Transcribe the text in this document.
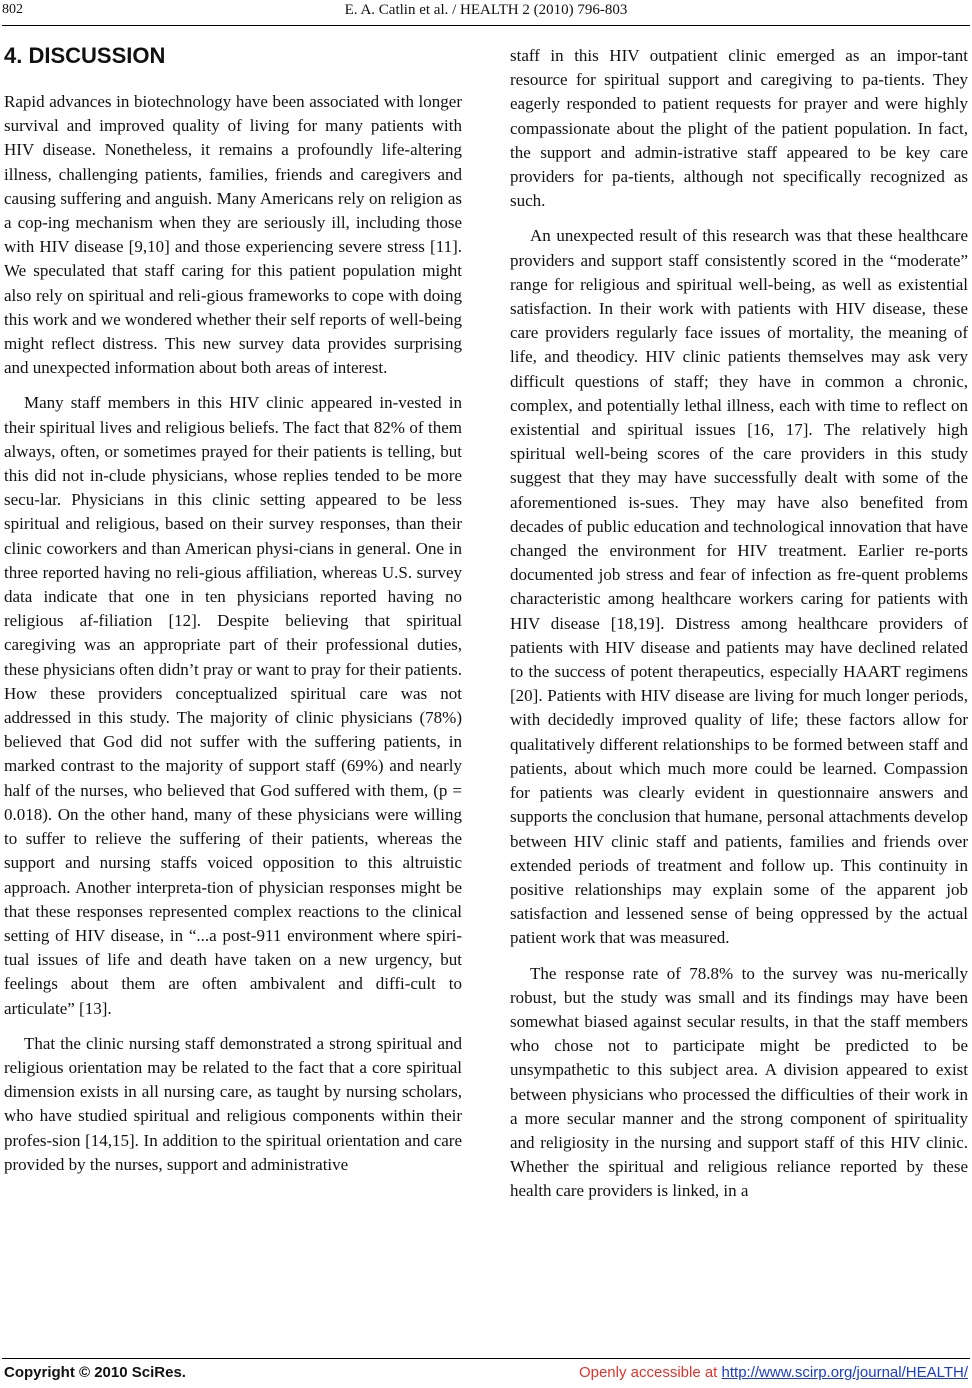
802	E. A. Catlin et al. / HEALTH 2 (2010) 796-803
4. DISCUSSION

Rapid advances in biotechnology have been associated with longer survival and improved quality of living for many patients with HIV disease. Nonetheless, it remains a profoundly life-altering illness, challenging patients, families, friends and caregivers and causing suffering and anguish. Many Americans rely on religion as a cop-ing mechanism when they are seriously ill, including those with HIV disease [9,10] and those experiencing severe stress [11]. We speculated that staff caring for this patient population might also rely on spiritual and reli-gious frameworks to cope with doing this work and we wondered whether their self reports of well-being might reflect distress. This new survey data provides surprising and unexpected information about both areas of interest.

Many staff members in this HIV clinic appeared in-vested in their spiritual lives and religious beliefs. The fact that 82% of them always, often, or sometimes prayed for their patients is telling, but this did not in-clude physicians, whose replies tended to be more secu-lar. Physicians in this clinic setting appeared to be less spiritual and religious, based on their survey responses, than their clinic coworkers and than American physi-cians in general. One in three reported having no reli-gious affiliation, whereas U.S. survey data indicate that one in ten physicians reported having no religious af-filiation [12]. Despite believing that spiritual caregiving was an appropriate part of their professional duties, these physicians often didn’t pray or want to pray for their patients. How these providers conceptualized spiritual care was not addressed in this study. The majority of clinic physicians (78%) believed that God did not suffer with the suffering patients, in marked contrast to the majority of support staff (69%) and nearly half of the nurses, who believed that God suffered with them, (p = 0.018). On the other hand, many of these physicians were willing to suffer to relieve the suffering of their patients, whereas the support and nursing staffs voiced opposition to this altruistic approach. Another interpreta-tion of physician responses might be that these responses represented complex reactions to the clinical setting of HIV disease, in “...a post-911 environment where spiri-tual issues of life and death have taken on a new urgency, but feelings about them are often ambivalent and diffi-cult to articulate” [13].

That the clinic nursing staff demonstrated a strong spiritual and religious orientation may be related to the fact that a core spiritual dimension exists in all nursing care, as taught by nursing scholars, who have studied spiritual and religious components within their profes-sion [14,15]. In addition to the spiritual orientation and care provided by the nurses, support and administrative

staff in this HIV outpatient clinic emerged as an impor-tant resource for spiritual support and caregiving to pa-tients. They eagerly responded to patient requests for prayer and were highly compassionate about the plight of the patient population. In fact, the support and admin-istrative staff appeared to be key care providers for pa-tients, although not specifically recognized as such.

An unexpected result of this research was that these healthcare providers and support staff consistently scored in the “moderate” range for religious and spiritual well-being, as well as existential satisfaction. In their work with patients with HIV disease, these care providers regularly face issues of mortality, the meaning of life, and theodicy. HIV clinic patients themselves may ask very difficult questions of staff; they have in common a chronic, complex, and potentially lethal illness, each with time to reflect on existential and spiritual issues [16, 17]. The relatively high spiritual well-being scores of the care providers in this study suggest that they may have successfully dealt with some of the aforementioned is-sues. They may have also benefited from decades of public education and technological innovation that have changed the environment for HIV treatment. Earlier re-ports documented job stress and fear of infection as fre-quent problems characteristic among healthcare workers caring for patients with HIV disease [18,19]. Distress among healthcare providers of patients with HIV disease and patients may have declined related to the success of potent therapeutics, especially HAART regimens [20]. Patients with HIV disease are living for much longer periods, with decidedly improved quality of life; these factors allow for qualitatively different relationships to be formed between staff and patients, about which much more could be learned. Compassion for patients was clearly evident in questionnaire answers and supports the conclusion that humane, personal attachments develop between HIV clinic staff and patients, families and friends over extended periods of treatment and follow up. This continuity in positive relationships may explain some of the apparent job satisfaction and lessened sense of being oppressed by the actual patient work that was measured.

The response rate of 78.8% to the survey was nu-merically robust, but the study was small and its findings may have been somewhat biased against secular results, in that the staff members who chose not to participate might be predicted to be unsympathetic to this subject area. A division appeared to exist between physicians who processed the difficulties of their work in a more secular manner and the strong component of spirituality and religiosity in the nursing and support staff of this HIV clinic. Whether the spiritual and religious reliance reported by these health care providers is linked, in a

Copyright © 2010 SciRes.	Openly accessible at http://www.scirp.org/journal/HEALTH/
